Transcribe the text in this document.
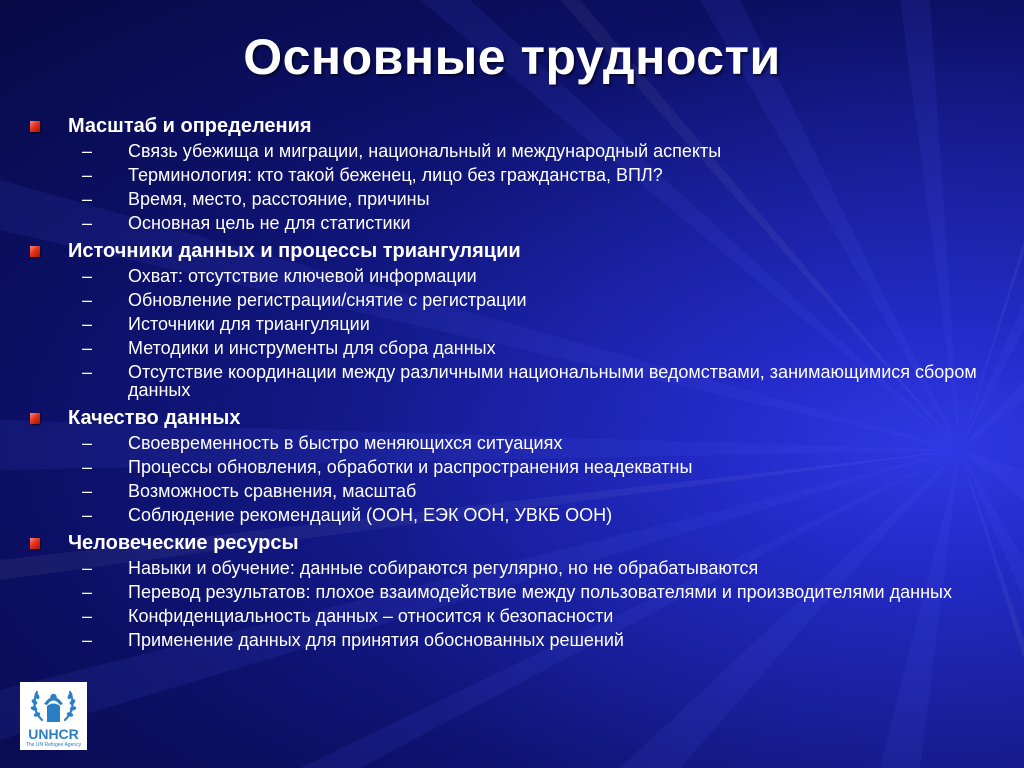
Основные трудности
Масштаб и определения
–	Связь убежища и миграции, национальный и международный аспекты
–	Терминология: кто такой беженец, лицо без гражданства, ВПЛ?
–	Время, место, расстояние, причины
–	Основная цель не для статистики
Источники данных и процессы триангуляции
–	Охват: отсутствие ключевой информации
–	Обновление регистрации/снятие с регистрации
–	Источники для триангуляции
–	Методики и инструменты для сбора данных
–	Отсутствие координации между различными национальными ведомствами, занимающимися сбором данных
Качество данных
–	Своевременность в быстро меняющихся ситуациях
–	Процессы обновления, обработки и распространения неадекватны
–	Возможность сравнения, масштаб
–	Соблюдение рекомендаций (ООН, ЕЭК ООН, УВКБ ООН)
Человеческие ресурсы
–	Навыки и обучение: данные собираются регулярно, но не обрабатываются
–	Перевод результатов: плохое взаимодействие между пользователями и производителями данных
–	Конфиденциальность данных – относится к безопасности
–	Применение данных для принятия обоснованных решений
UNHCR
The UN Refugee Agency
